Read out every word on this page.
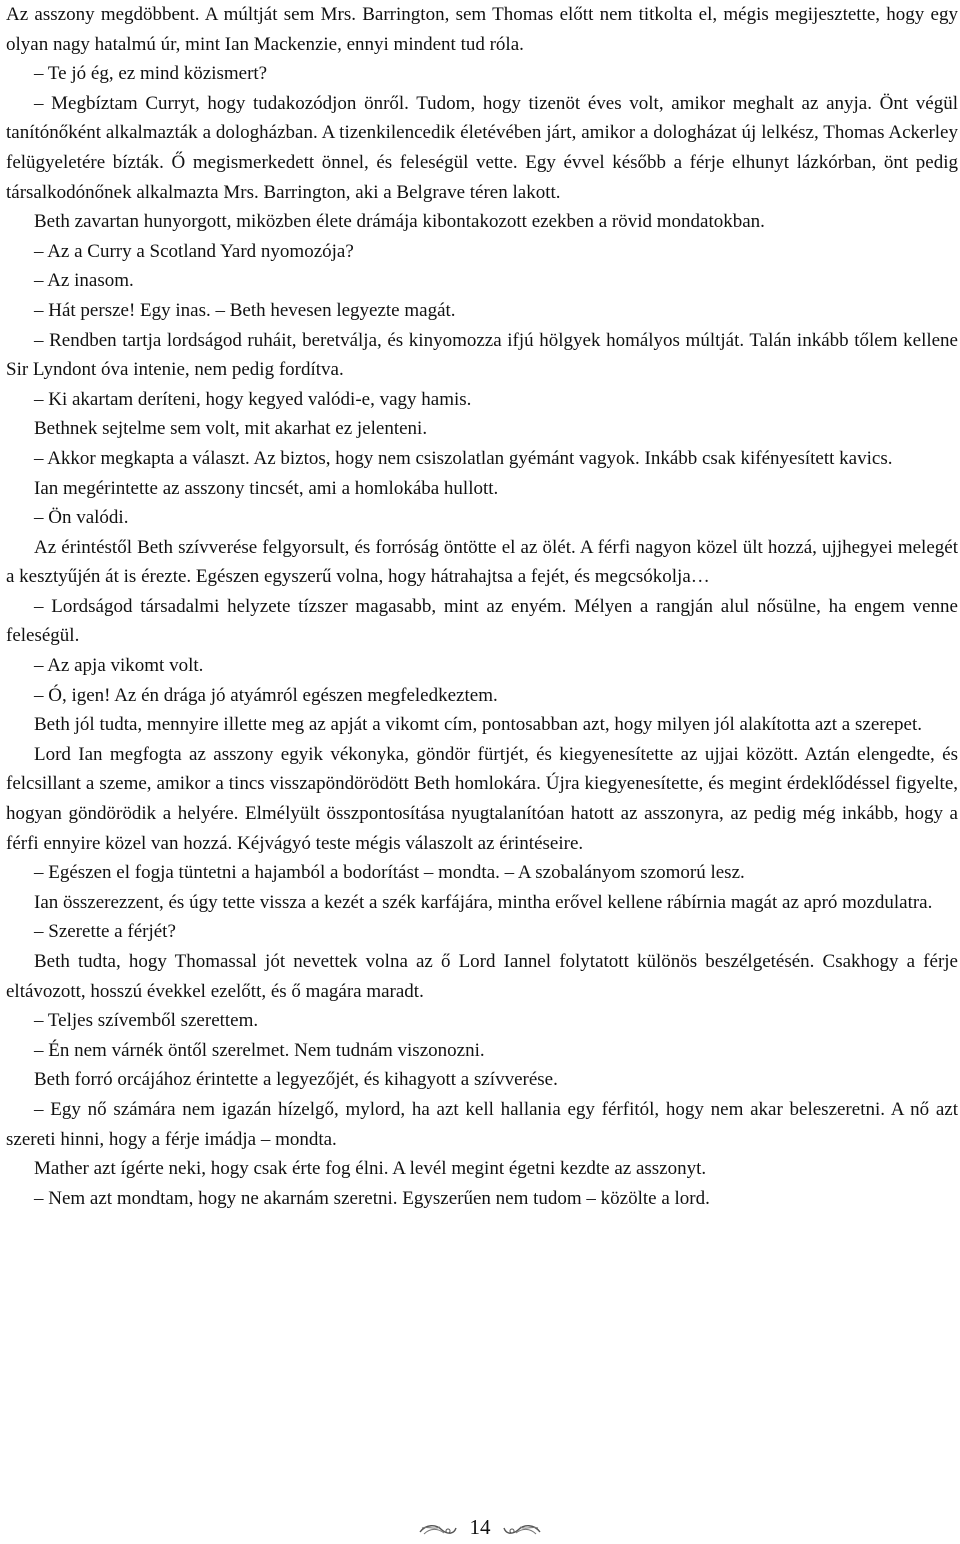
Az asszony megdöbbent. A múltját sem Mrs. Barrington, sem Thomas előtt nem titkolta el, mégis megijesztette, hogy egy olyan nagy hatalmú úr, mint Ian Mackenzie, ennyi mindent tud róla.

– Te jó ég, ez mind közismert?

– Megbíztam Curryt, hogy tudakozódjon önről. Tudom, hogy tizenöt éves volt, amikor meghalt az anyja. Önt végül tanítónőként alkalmazták a dologházban. A tizenkilencedik életévében járt, amikor a dologházat új lelkész, Thomas Ackerley felügyeletére bízták. Ő megismerkedett önnel, és feleségül vette. Egy évvel később a férje elhunyt lázkórban, önt pedig társalkodónőnek alkalmazta Mrs. Barrington, aki a Belgrave téren lakott.

Beth zavartan hunyorgott, miközben élete drámája kibontakozott ezekben a rövid mondatokban.

– Az a Curry a Scotland Yard nyomozója?

– Az inasom.

– Hát persze! Egy inas. – Beth hevesen legyezte magát.

– Rendben tartja lordságod ruháit, beretválja, és kinyomozza ifjú hölgyek homályos múltját. Talán inkább tőlem kellene Sir Lyndont óva intenie, nem pedig fordítva.

– Ki akartam deríteni, hogy kegyed valódi-e, vagy hamis.

Bethnek sejtelme sem volt, mit akarhat ez jelenteni.

– Akkor megkapta a választ. Az biztos, hogy nem csiszolatlan gyémánt vagyok. Inkább csak kifényesített kavics.

Ian megérintette az asszony tincsét, ami a homlokába hullott.

– Ön valódi.

Az érintéstől Beth szívverése felgyorsult, és forróság öntötte el az ölét. A férfi nagyon közel ült hozzá, ujjhegyei melegét a kesztyűjén át is érezte. Egészen egyszerű volna, hogy hátrahajtsa a fejét, és megcsókolja…

– Lordságod társadalmi helyzete tízszer magasabb, mint az enyém. Mélyen a rangján alul nősülne, ha engem venne feleségül.

– Az apja vikomt volt.

– Ó, igen! Az én drága jó atyámról egészen megfeledkeztem.

Beth jól tudta, mennyire illette meg az apját a vikomt cím, pontosabban azt, hogy milyen jól alakította azt a szerepet.

Lord Ian megfogta az asszony egyik vékonyka, göndör fürtjét, és kiegyenesítette az ujjai között. Aztán elengedte, és felcsillant a szeme, amikor a tincs visszapöndörödött Beth homlokára. Újra kiegyenesítette, és megint érdeklődéssel figyelte, hogyan göndörödik a helyére. Elmélyült összpontosítása nyugtalanítóan hatott az asszonyra, az pedig még inkább, hogy a férfi ennyire közel van hozzá. Kéjvágyó teste mégis válaszolt az érintéseire.

– Egészen el fogja tüntetni a hajamból a bodorítást – mondta. – A szobalányom szomorú lesz.

Ian összerezzent, és úgy tette vissza a kezét a szék karfájára, mintha erővel kellene rábírnia magát az apró mozdulatra.

– Szerette a férjét?

Beth tudta, hogy Thomassal jót nevettek volna az ő Lord Iannel folytatott különös beszélgetésén. Csakhogy a férje eltávozott, hosszú évekkel ezelőtt, és ő magára maradt.

– Teljes szívemből szerettem.

– Én nem várnék öntől szerelmet. Nem tudnám viszonozni.

Beth forró orcájához érintette a legyezőjét, és kihagyott a szívverése.

– Egy nő számára nem igazán hízelgő, mylord, ha azt kell hallania egy férfitól, hogy nem akar beleszeretni. A nő azt szereti hinni, hogy a férje imádja – mondta.

Mather azt ígérte neki, hogy csak érte fog élni. A levél megint égetni kezdte az asszonyt.

– Nem azt mondtam, hogy ne akarnám szeretni. Egyszerűen nem tudom – közölte a lord.

14
